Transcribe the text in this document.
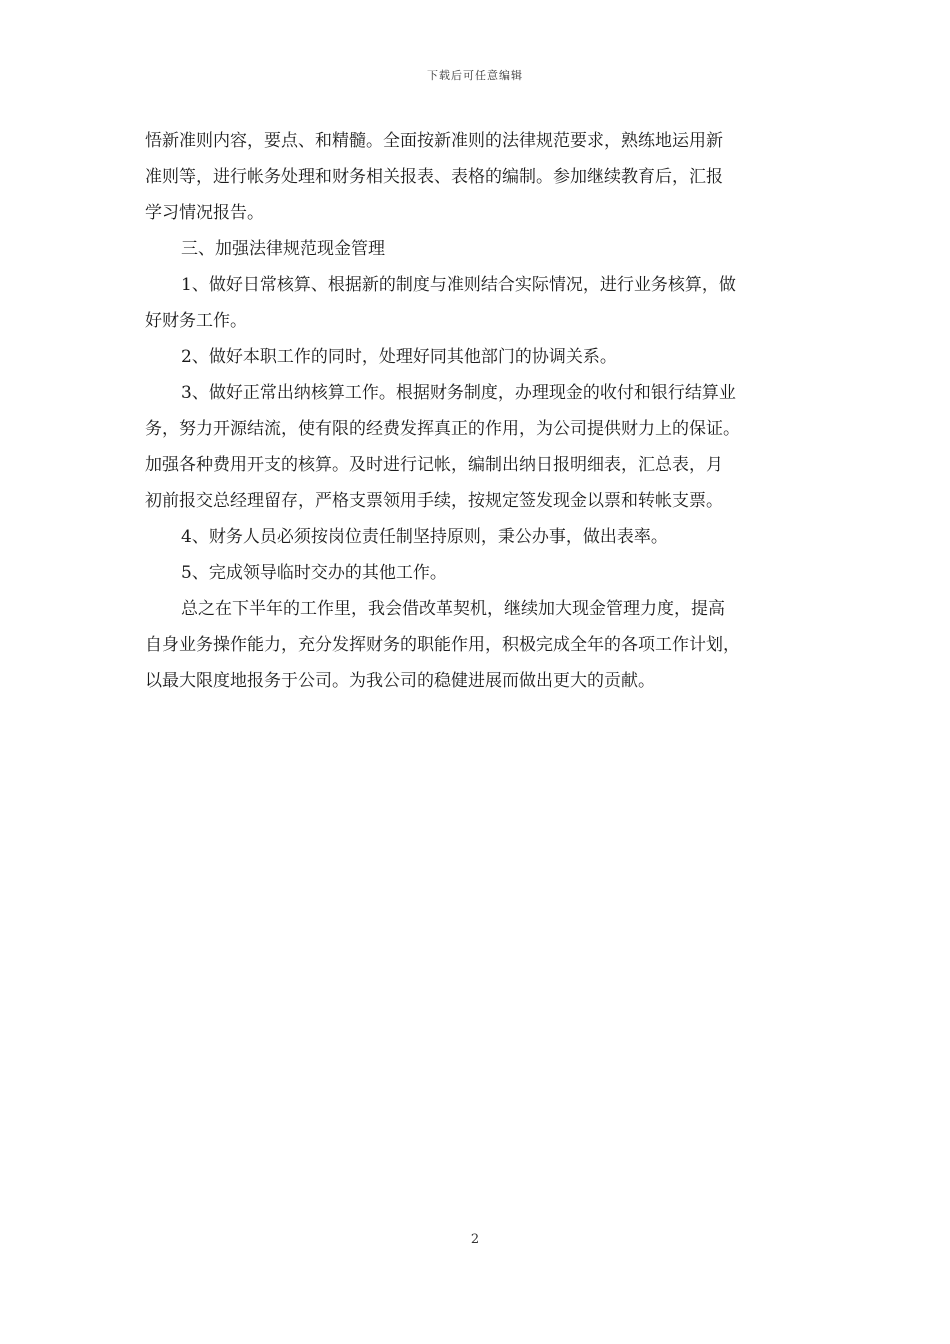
下载后可任意编辑
悟新准则内容，要点、和精髓。全面按新准则的法律规范要求，熟练地运用新
准则等，进行帐务处理和财务相关报表、表格的编制。参加继续教育后，汇报
学习情况报告。
三、加强法律规范现金管理
1、做好日常核算、根据新的制度与准则结合实际情况，进行业务核算，做
好财务工作。
2、做好本职工作的同时，处理好同其他部门的协调关系。
3、做好正常出纳核算工作。根据财务制度，办理现金的收付和银行结算业
务，努力开源结流，使有限的经费发挥真正的作用，为公司提供财力上的保证。
加强各种费用开支的核算。及时进行记帐，编制出纳日报明细表，汇总表，月
初前报交总经理留存，严格支票领用手续，按规定签发现金以票和转帐支票。
4、财务人员必须按岗位责任制坚持原则，秉公办事，做出表率。
5、完成领导临时交办的其他工作。
总之在下半年的工作里，我会借改革契机，继续加大现金管理力度，提高
自身业务操作能力，充分发挥财务的职能作用，积极完成全年的各项工作计划，
以最大限度地报务于公司。为我公司的稳健进展而做出更大的贡献。
2
